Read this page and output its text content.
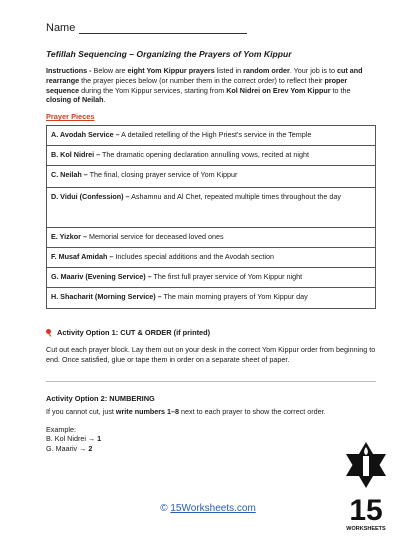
Name
Tefillah Sequencing – Organizing the Prayers of Yom Kippur
Instructions - Below are eight Yom Kippur prayers listed in random order. Your job is to cut and rearrange the prayer pieces below (or number them in the correct order) to reflect their proper sequence during the Yom Kippur services, starting from Kol Nidrei on Erev Yom Kippur to the closing of Neilah.
Prayer Pieces
A. Avodah Service – A detailed retelling of the High Priest's service in the Temple
B. Kol Nidrei – The dramatic opening declaration annulling vows, recited at night
C. Neilah – The final, closing prayer service of Yom Kippur
D. Vidui (Confession) – Ashamnu and Al Chet, repeated multiple times throughout the day
E. Yizkor – Memorial service for deceased loved ones
F. Musaf Amidah – Includes special additions and the Avodah section
G. Maariv (Evening Service) – The first full prayer service of Yom Kippur night
H. Shacharit (Morning Service) – The main morning prayers of Yom Kippur day
Activity Option 1: CUT & ORDER (if printed)
Cut out each prayer block. Lay them out on your desk in the correct Yom Kippur order from beginning to end. Once satisfied, glue or tape them in order on a separate sheet of paper.
Activity Option 2: NUMBERING
If you cannot cut, just write numbers 1–8 next to each prayer to show the correct order.
Example:
B. Kol Nidrei → 1
G. Maariv → 2
© 15Worksheets.com	15
WORKSHEETS
